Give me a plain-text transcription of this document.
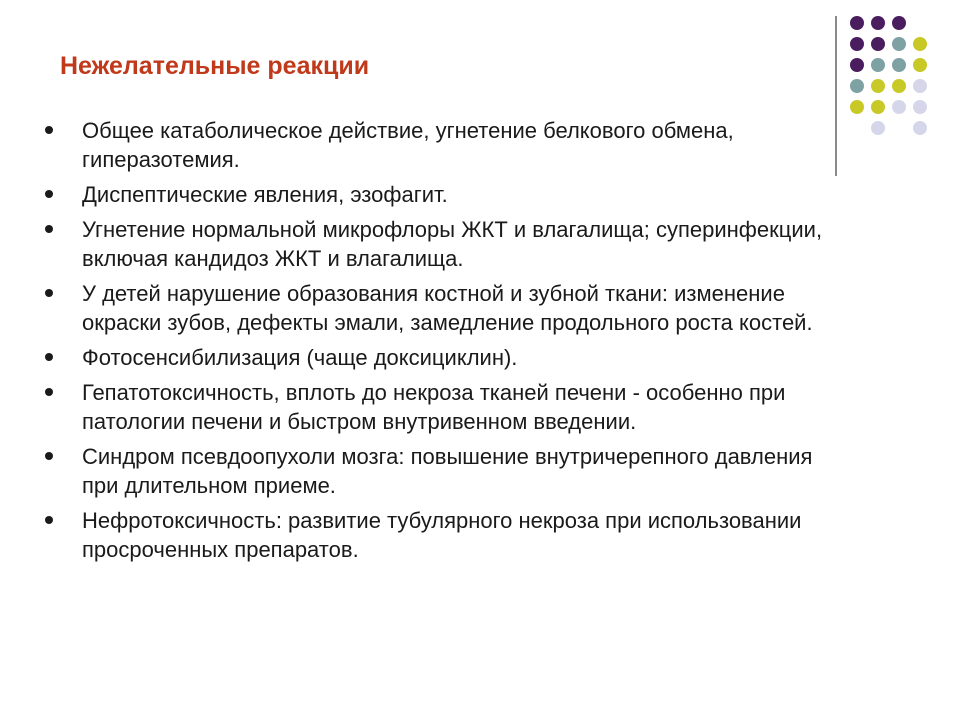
Нежелательные реакции
Общее катаболическое действие, угнетение белкового обмена, гиперазотемия.
Диспептические явления, эзофагит.
Угнетение нормальной микрофлоры ЖКТ и влагалища; суперинфекции, включая кандидоз ЖКТ и влагалища.
У детей нарушение образования костной и зубной ткани: изменение окраски зубов, дефекты эмали, замедление продольного роста костей.
Фотосенсибилизация (чаще доксициклин).
Гепатотоксичность, вплоть до некроза тканей печени - особенно при патологии печени и быстром внутривенном введении.
Синдром псевдоопухоли мозга: повышение внутричерепного давления при длительном приеме.
Нефротоксичность: развитие тубулярного некроза при использовании просроченных препаратов.
